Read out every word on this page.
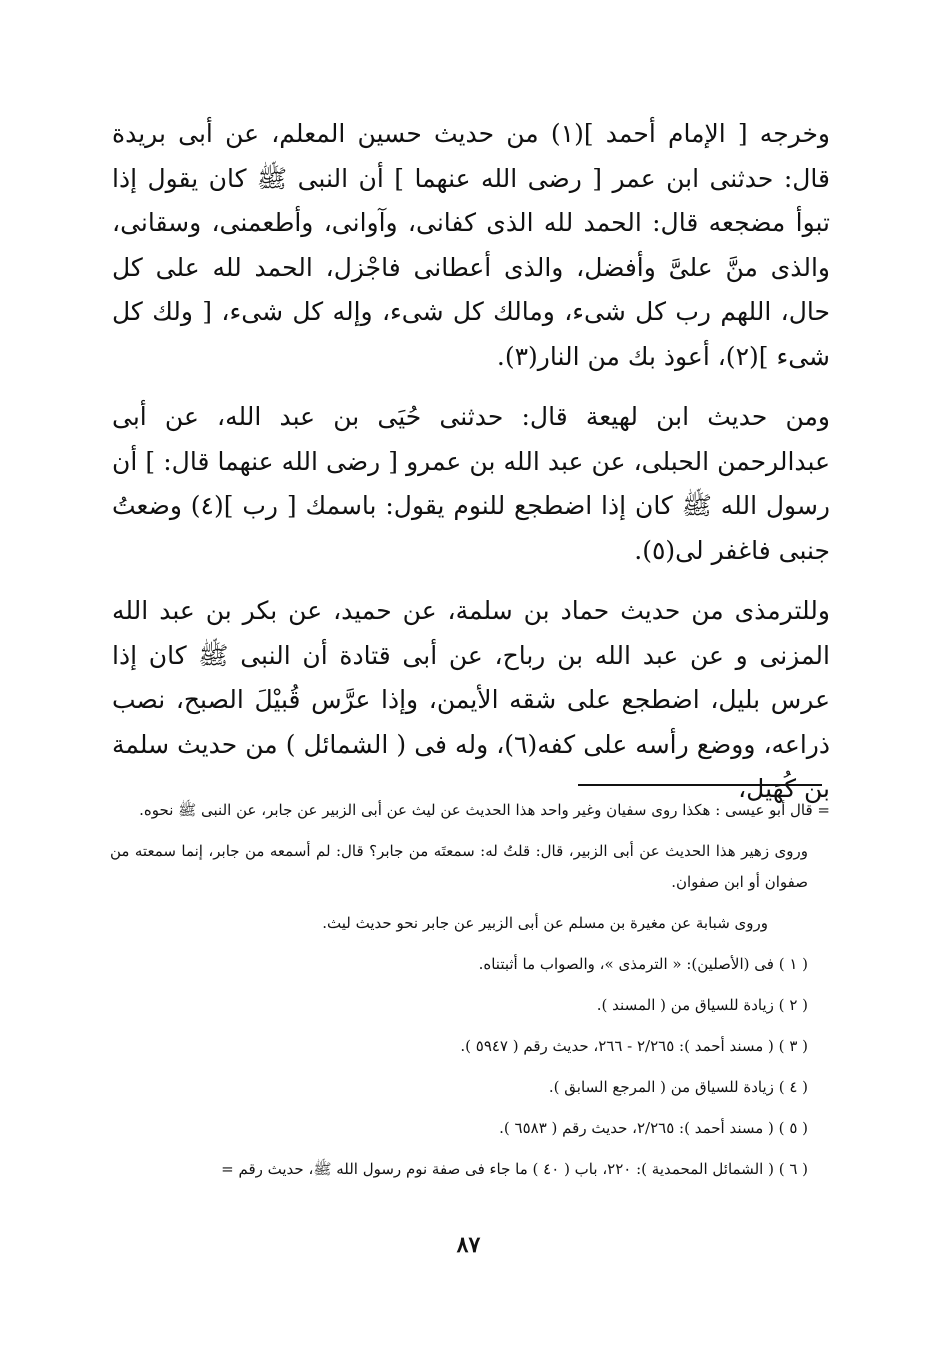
وخرجه [ الإمام أحمد ](١) من حديث حسين المعلم، عن أبى بريدة قال: حدثنى ابن عمر [ رضى الله عنهما ] أن النبى ﷺ كان يقول إذا تبوأ مضجعه قال: الحمد لله الذى كفانى، وآوانى، وأطعمنى، وسقانى، والذى منَّ علىَّ وأفضل، والذى أعطانى فاجْزل، الحمد لله على كل حال، اللهم رب كل شىء، ومالك كل شىء، وإله كل شىء، [ ولك كل شىء ](٢)، أعوذ بك من النار(٣).

ومن حديث ابن لهيعة قال: حدثنى حُيَى بن عبد الله، عن أبى عبدالرحمن الحبلى، عن عبد الله بن عمرو [ رضى الله عنهما قال: ] أن رسول الله ﷺ كان إذا اضطجع للنوم يقول: باسمك [ رب ](٤) وضعتُ جنبى فاغفر لى(٥).

وللترمذى من حديث حماد بن سلمة، عن حميد، عن بكر بن عبد الله المزنى و عن عبد الله بن رباح، عن أبى قتادة أن النبى ﷺ كان إذا عرس بليل، اضطجع على شقه الأيمن، وإذا عرَّس قُبيْلَ الصبح، نصب ذراعه، ووضع رأسه على كفه(٦)، وله فى ( الشمائل ) من حديث سلمة بن كُهَيل،

= قال أبو عيسى : هكذا روى سفيان وغير واحد هذا الحديث عن ليث عن أبى الزبير عن جابر، عن النبى ﷺ نحوه.

وروى زهير هذا الحديث عن أبى الزبير، قال: قلتُ له: سمعتَه من جابر؟ قال: لم أسمعه من جابر، إنما سمعته من صفوان أو ابن صفوان.

وروى شبابة عن مغيرة بن مسلم عن أبى الزبير عن جابر نحو حديث ليث.

( ١ ) فى (الأصلين): « الترمذى »، والصواب ما أثبتناه.

( ٢ ) زيادة للسياق من ( المسند ).

( ٣ ) ( مسند أحمد ): ٢/٢٦٥ - ٢٦٦، حديث رقم ( ٥٩٤٧ ).

( ٤ ) زيادة للسياق من ( المرجع السابق ).

( ٥ ) ( مسند أحمد ): ٢/٢٦٥، حديث رقم ( ٦٥٨٣ ).

( ٦ ) ( الشمائل المحمدية ): ٢٢٠، باب ( ٤٠ ) ما جاء فى صفة نوم رسول الله ﷺ، حديث رقم =

٨٧
